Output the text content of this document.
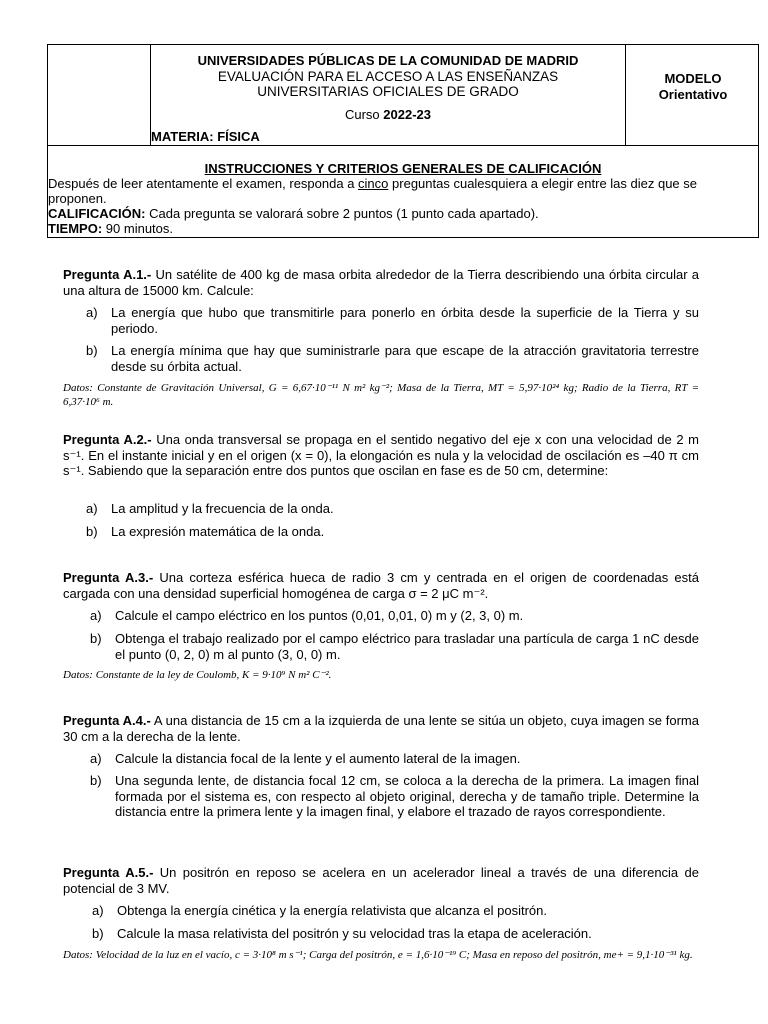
UNIVERSIDADES PÚBLICAS DE LA COMUNIDAD DE MADRID
EVALUACIÓN PARA EL ACCESO A LAS ENSEÑANZAS
UNIVERSITARIAS OFICIALES DE GRADO
Curso 2022-23
MATERIA: FÍSICA
MODELO
Orientativo
INSTRUCCIONES Y CRITERIOS GENERALES DE CALIFICACIÓN
Después de leer atentamente el examen, responda a cinco preguntas cualesquiera a elegir entre las diez que se proponen.
CALIFICACIÓN: Cada pregunta se valorará sobre 2 puntos (1 punto cada apartado).
TIEMPO: 90 minutos.
Pregunta A.1.- Un satélite de 400 kg de masa orbita alrededor de la Tierra describiendo una órbita circular a una altura de 15000 km. Calcule:
a) La energía que hubo que transmitirle para ponerlo en órbita desde la superficie de la Tierra y su periodo.
b) La energía mínima que hay que suministrarle para que escape de la atracción gravitatoria terrestre desde su órbita actual.
Datos: Constante de Gravitación Universal, G = 6,67·10⁻¹¹ N m² kg⁻²; Masa de la Tierra, MT = 5,97·10²⁴ kg; Radio de la Tierra, RT = 6,37·10⁶ m.
Pregunta A.2.- Una onda transversal se propaga en el sentido negativo del eje x con una velocidad de 2 m s⁻¹. En el instante inicial y en el origen (x = 0), la elongación es nula y la velocidad de oscilación es –40 π cm s⁻¹. Sabiendo que la separación entre dos puntos que oscilan en fase es de 50 cm, determine:
a) La amplitud y la frecuencia de la onda.
b) La expresión matemática de la onda.
Pregunta A.3.- Una corteza esférica hueca de radio 3 cm y centrada en el origen de coordenadas está cargada con una densidad superficial homogénea de carga σ = 2 μC m⁻².
a) Calcule el campo eléctrico en los puntos (0,01, 0,01, 0) m y (2, 3, 0) m.
b) Obtenga el trabajo realizado por el campo eléctrico para trasladar una partícula de carga 1 nC desde el punto (0, 2, 0) m al punto (3, 0, 0) m.
Datos: Constante de la ley de Coulomb, K = 9·10⁹ N m² C⁻².
Pregunta A.4.- A una distancia de 15 cm a la izquierda de una lente se sitúa un objeto, cuya imagen se forma 30 cm a la derecha de la lente.
a) Calcule la distancia focal de la lente y el aumento lateral de la imagen.
b) Una segunda lente, de distancia focal 12 cm, se coloca a la derecha de la primera. La imagen final formada por el sistema es, con respecto al objeto original, derecha y de tamaño triple. Determine la distancia entre la primera lente y la imagen final, y elabore el trazado de rayos correspondiente.
Pregunta A.5.- Un positrón en reposo se acelera en un acelerador lineal a través de una diferencia de potencial de 3 MV.
a) Obtenga la energía cinética y la energía relativista que alcanza el positrón.
b) Calcule la masa relativista del positrón y su velocidad tras la etapa de aceleración.
Datos: Velocidad de la luz en el vacío, c = 3·10⁸ m s⁻¹; Carga del positrón, e = 1,6·10⁻¹⁹ C; Masa en reposo del positrón, me+ = 9,1·10⁻³¹ kg.
